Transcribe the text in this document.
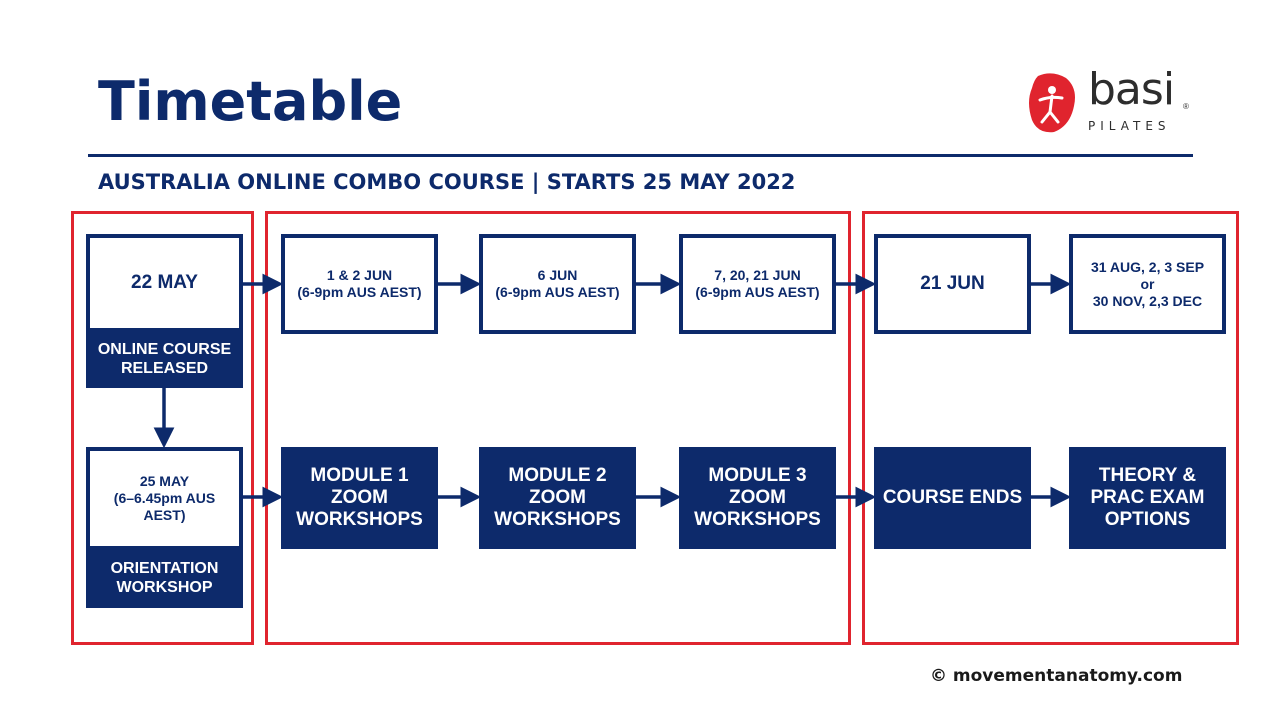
Timetable	basi ®
PILATES
AUSTRALIA ONLINE COMBO COURSE | STARTS 25 MAY 2022
22 MAY
ONLINE COURSE
RELEASED
25 MAY
(6–6.45pm AUS
AEST)
ORIENTATION
WORKSHOP
1 & 2 JUN
(6-9pm AUS AEST)
MODULE 1
ZOOM
WORKSHOPS
6 JUN
(6-9pm AUS AEST)
MODULE 2
ZOOM
WORKSHOPS
7, 20, 21 JUN
(6-9pm AUS AEST)
MODULE 3
ZOOM
WORKSHOPS
21 JUN
COURSE ENDS
31 AUG, 2, 3 SEP
or
30 NOV, 2,3 DEC
THEORY &
PRAC EXAM
OPTIONS
© movementanatomy.com
